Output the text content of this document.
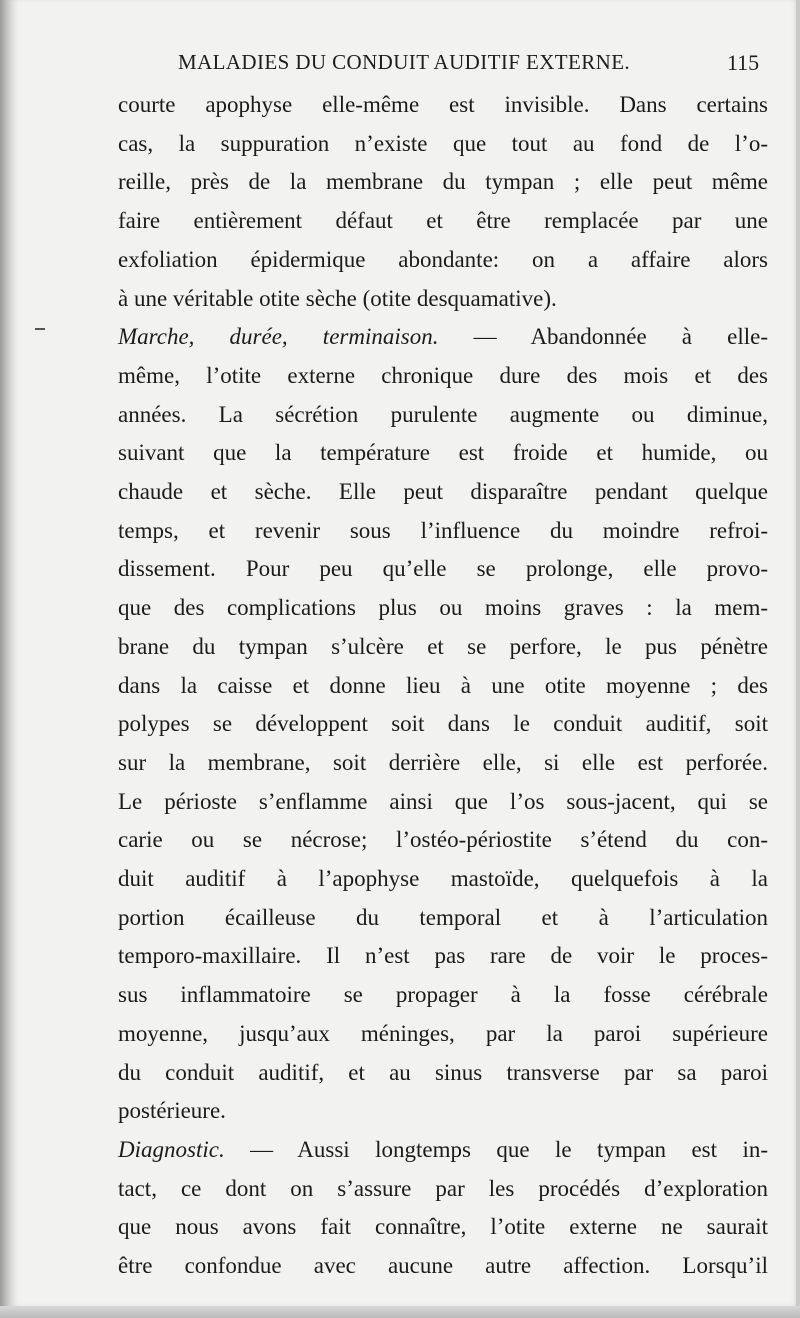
MALADIES DU CONDUIT AUDITIF EXTERNE.	115
courte apophyse elle-même est invisible. Dans certains
cas, la suppuration n’existe que tout au fond de l’o-
reille, près de la membrane du tympan ; elle peut même
faire entièrement défaut et être remplacée par une
exfoliation épidermique abondante: on a affaire alors
à une véritable otite sèche (otite desquamative).
Marche, durée, terminaison. — Abandonnée à elle-
même, l’otite externe chronique dure des mois et des
années. La sécrétion purulente augmente ou diminue,
suivant que la température est froide et humide, ou
chaude et sèche. Elle peut disparaître pendant quelque
temps, et revenir sous l’influence du moindre refroi-
dissement. Pour peu qu’elle se prolonge, elle provo-
que des complications plus ou moins graves : la mem-
brane du tympan s’ulcère et se perfore, le pus pénètre
dans la caisse et donne lieu à une otite moyenne ; des
polypes se développent soit dans le conduit auditif, soit
sur la membrane, soit derrière elle, si elle est perforée.
Le périoste s’enflamme ainsi que l’os sous-jacent, qui se
carie ou se nécrose; l’ostéo-périostite s’étend du con-
duit auditif à l’apophyse mastoïde, quelquefois à la
portion écailleuse du temporal et à l’articulation
temporo-maxillaire. Il n’est pas rare de voir le proces-
sus inflammatoire se propager à la fosse cérébrale
moyenne, jusqu’aux méninges, par la paroi supérieure
du conduit auditif, et au sinus transverse par sa paroi
postérieure.
Diagnostic. — Aussi longtemps que le tympan est in-
tact, ce dont on s’assure par les procédés d’exploration
que nous avons fait connaître, l’otite externe ne saurait
être confondue avec aucune autre affection. Lorsqu’il
